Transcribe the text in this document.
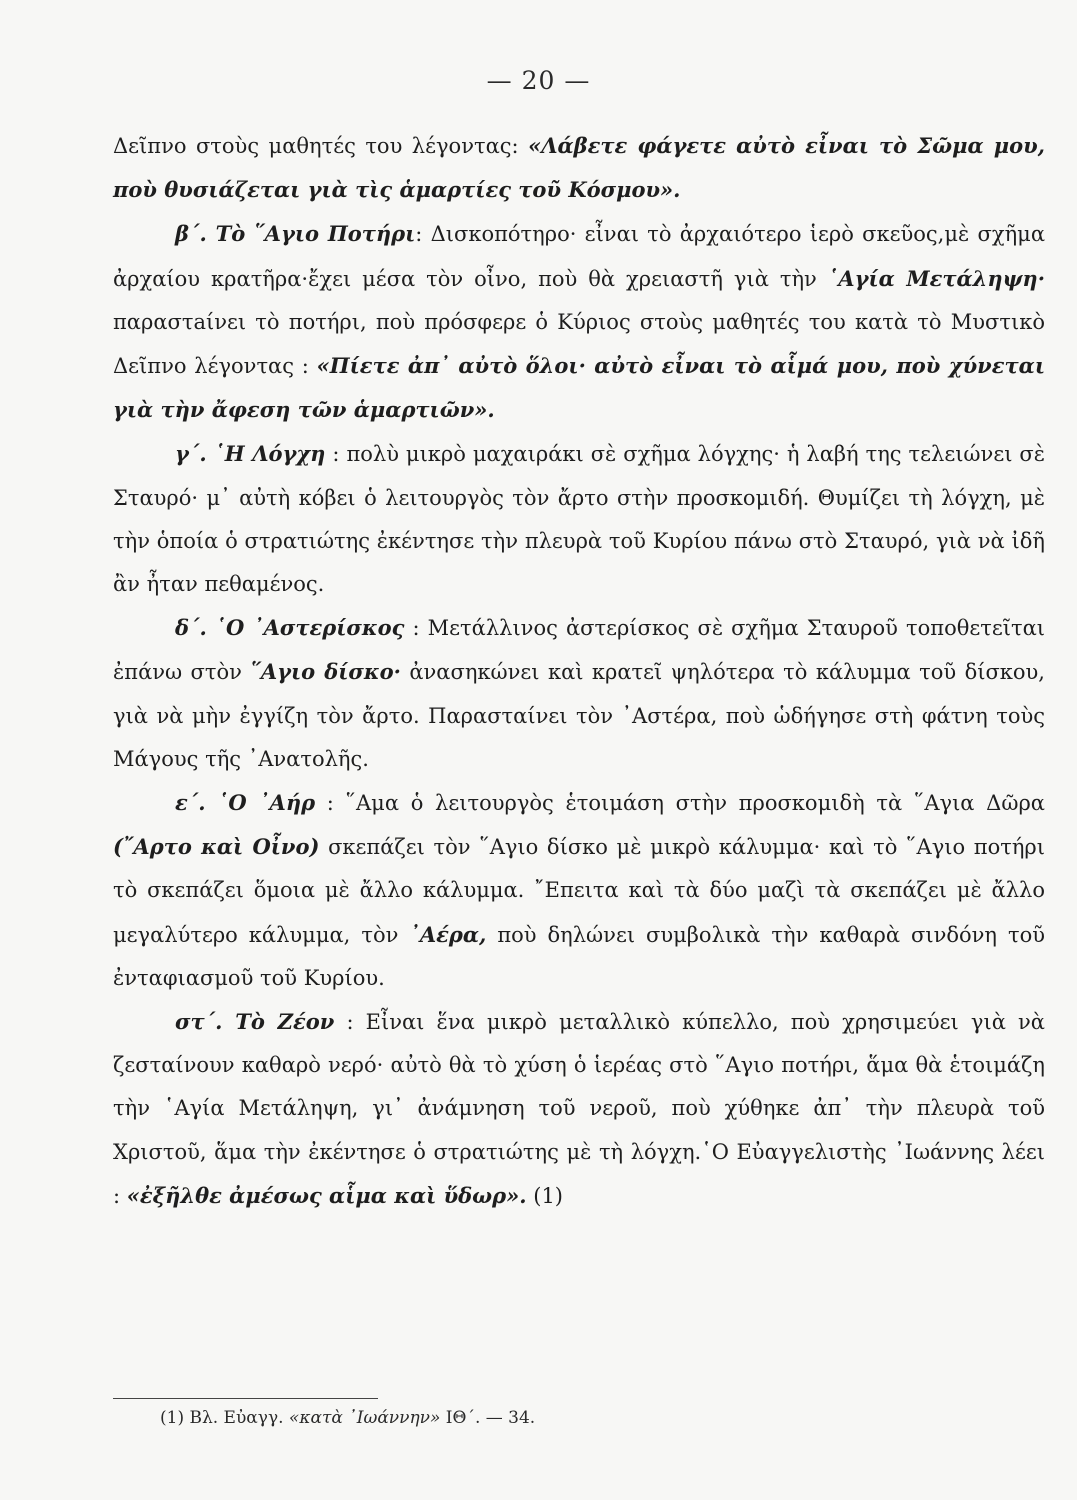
— 20 —

Δεῖπνο στοὺς μαθητές του λέγοντας: «Λάβετε φάγετε αὐτὸ εἶναι τὸ Σῶμα μου, ποὺ θυσιάζεται γιὰ τὶς ἁμαρτίες τοῦ Κόσμου».

β΄. Τὸ ῞Αγιο Ποτήρι: Δισκοπότηρο· εἶναι τὸ ἀρχαιότερο ἱερὸ σκεῦος,μὲ σχῆμα ἀρχαίου κρατῆρα·ἔχει μέσα τὸν οἶνο, ποὺ θὰ χρειαστῆ γιὰ τὴν ῾Αγία Μετάληψη· παραστaίνει τὸ ποτήρι, ποὺ πρόσφερε ὁ Κύριος στοὺς μαθητές του κατὰ τὸ Μυστικὸ Δεῖπνο λέγοντας : «Πίετε ἀπ᾿ αὐτὸ ὅλοι· αὐτὸ εἶναι τὸ αἷμά μου, ποὺ χύνεται γιὰ τὴν ἄφεση τῶν ἁμαρτιῶν».

γ΄. ῾Η Λόγχη : πολὺ μικρὸ μαχαιράκι σὲ σχῆμα λόγχης· ἡ λαβή της τελειώνει σὲ Σταυρό· μ᾿ αὐτὴ κόβει ὁ λειτουργὸς τὸν ἄρτο στὴν προσκομιδή. Θυμίζει τὴ λόγχη, μὲ τὴν ὁποία ὁ στρατιώτης ἐκέντησε τὴν πλευρὰ τοῦ Κυρίου πάνω στὸ Σταυρό, γιὰ νὰ ἰδῆ ἂν ἦταν πεθαμένος.

δ΄. ῾Ο ᾿Αστερίσκος : Μετάλλινος ἀστερίσκος σὲ σχῆμα Σταυροῦ τοποθετεῖται ἐπάνω στὸν ῞Αγιο δίσκο· ἀνασηκώνει καὶ κρατεῖ ψηλότερα τὸ κάλυμμα τοῦ δίσκου, γιὰ νὰ μὴν ἐγγίζη τὸν ἄρτο. Παρασταίνει τὸν ᾿Αστέρα, ποὺ ὡδήγησε στὴ φάτνη τοὺς Μάγους τῆς ᾿Ανατολῆς.

ε΄. ῾Ο ᾿Αήρ : ῞Αμα ὁ λειτουργὸς ἑτοιμάση στὴν προσκομιδὴ τὰ ῞Αγια Δῶρα (῎Αρτο καὶ Οἶνο) σκεπάζει τὸν ῞Αγιο δίσκο μὲ μικρὸ κάλυμμα· καὶ τὸ ῞Αγιο ποτήρι τὸ σκεπάζει ὅμοια μὲ ἄλλο κάλυμμα. ῎Επειτα καὶ τὰ δύο μαζὶ τὰ σκεπάζει μὲ ἄλλο μεγαλύτερο κάλυμμα, τὸν ᾿Αέρα, ποὺ δηλώνει συμβολικὰ τὴν καθαρὰ σινδόνη τοῦ ἐνταφιασμοῦ τοῦ Κυρίου.

στ΄. Τὸ Ζέον : Εἶναι ἕνα μικρὸ μεταλλικὸ κύπελλο, ποὺ χρησιμεύει γιὰ νὰ ζεσταίνουν καθαρὸ νερό· αὐτὸ θὰ τὸ χύση ὁ ἱερέας στὸ ῞Αγιο ποτήρι, ἅμα θὰ ἑτοιμάζη τὴν ῾Αγία Μετάληψη, γι᾿ ἀνάμνηση τοῦ νεροῦ, ποὺ χύθηκε ἀπ᾿ τὴν πλευρὰ τοῦ Χριστοῦ, ἅμα τὴν ἐκέντησε ὁ στρατιώτης μὲ τὴ λόγχη.῾Ο Εὐαγγελιστὴς ᾿Ιωάννης λέει : «ἐξῆλθε ἀμέσως αἷμα καὶ ὕδωρ». (1)

(1) Βλ. Εὐαγγ. «κατὰ ᾿Ιωάννην» ΙΘ΄. — 34.
